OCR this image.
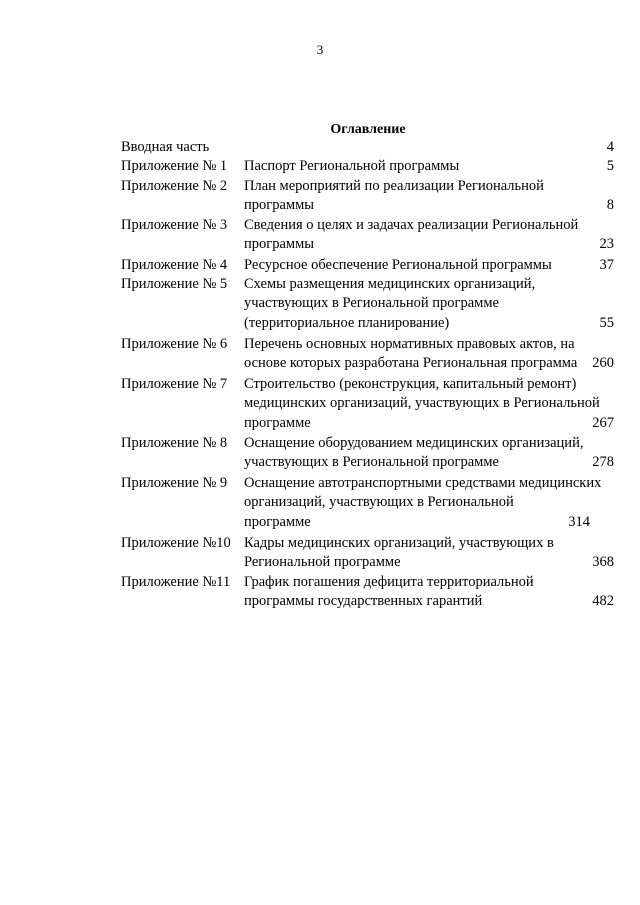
3
Оглавление
Вводная часть	4
Приложение № 1 Паспорт Региональной программы	5
Приложение № 2 План мероприятий по реализации Региональной
программы	8
Приложение № 3 Сведения о целях и задачах реализации Региональной
программы	23
Приложение № 4 Ресурсное обеспечение Региональной программы	37
Приложение № 5 Схемы размещения медицинских организаций,
участвующих в Региональной программе
(территориальное планирование)	55
Приложение № 6 Перечень основных нормативных правовых актов, на
основе которых разработана Региональная программа 260
Приложение № 7 Строительство (реконструкция, капитальный ремонт)
медицинских организаций, участвующих в Региональной
программе	267
Приложение № 8 Оснащение оборудованием медицинских организаций,
участвующих в Региональной программе	278
Приложение № 9 Оснащение автотранспортными средствами медицинских
организаций, участвующих в Региональной
программе	314
Приложение №10 Кадры медицинских организаций, участвующих в
Региональной программе	368
Приложение №11 График погашения дефицита территориальной
программы государственных гарантий	482
